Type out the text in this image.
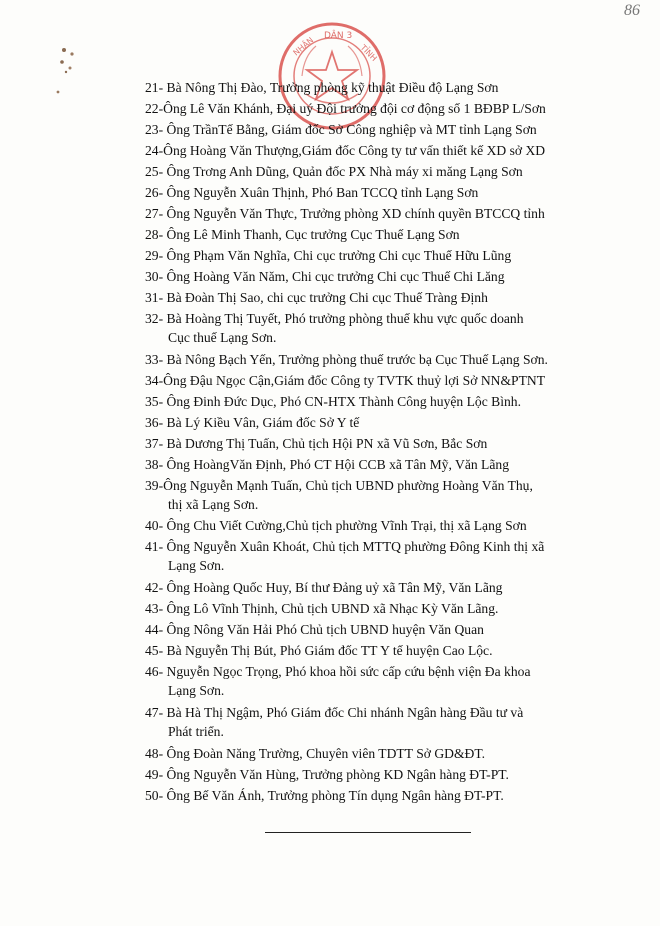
86
NHÂN DÂN 3
TỈNH
21- Bà Nông Thị Đào, Trưởng phòng kỹ thuật Điều độ Lạng Sơn
22-Ông Lê Văn Khánh, Đại uý Đội trưởng đội cơ động số 1 BĐBP L/Sơn
23- Ông TrầnTế Bằng, Giám đốc Sở Công nghiệp và MT tỉnh Lạng Sơn
24-Ông Hoàng Văn Thượng,Giám đốc Công ty tư vấn thiết kế XD sở XD
25- Ông Trơng Anh Dũng, Quản đốc PX Nhà máy xi măng Lạng Sơn
26- Ông Nguyễn Xuân Thịnh, Phó Ban TCCQ tỉnh Lạng Sơn
27- Ông Nguyễn Văn Thực, Trưởng phòng XD chính quyền BTCCQ tỉnh
28- Ông Lê Minh Thanh, Cục trưởng Cục Thuế Lạng Sơn
29- Ông Phạm Văn Nghĩa, Chi cục trưởng Chi cục Thuế Hữu Lũng
30- Ông Hoàng Văn Năm, Chi cục trưởng Chi cục Thuế Chi Lăng
31- Bà Đoàn Thị Sao, chi cục trưởng Chi cục Thuế Tràng Định
32- Bà Hoàng Thị Tuyết, Phó trưởng phòng thuế khu vực quốc doanh
Cục thuế Lạng Sơn.
33- Bà Nông Bạch Yến, Trưởng phòng thuế trước bạ Cục Thuế Lạng Sơn.
34-Ông Đậu Ngọc Cận,Giám đốc Công ty TVTK thuỷ lợi Sở NN&PTNT
35- Ông Đinh Đức Dục, Phó CN-HTX Thành Công huyện Lộc Bình.
36- Bà Lý Kiều Vân, Giám đốc Sở Y tế
37- Bà Dương Thị Tuấn, Chủ tịch Hội PN xã Vũ Sơn, Bắc Sơn
38- Ông HoàngVăn Định, Phó CT Hội CCB xã Tân Mỹ, Văn Lãng
39-Ông Nguyễn Mạnh Tuấn, Chủ tịch UBND phường Hoàng Văn Thụ,
thị xã Lạng Sơn.
40- Ông Chu Viết Cường,Chủ tịch phường Vĩnh Trại, thị xã Lạng Sơn
41- Ông Nguyễn Xuân Khoát, Chủ tịch MTTQ phường Đông Kinh thị xã
Lạng Sơn.
42- Ông Hoàng Quốc Huy, Bí thư Đảng uỷ xã Tân Mỹ, Văn Lãng
43- Ông Lô Vĩnh Thịnh, Chủ tịch UBND xã Nhạc Kỳ Văn Lãng.
44- Ông Nông Văn Hải Phó Chủ tịch UBND huyện Văn Quan
45- Bà Nguyễn Thị Bút, Phó Giám đốc TT Y tế huyện Cao Lộc.
46- Nguyễn Ngọc Trọng, Phó khoa hồi sức cấp cứu bệnh viện Đa khoa
Lạng Sơn.
47- Bà Hà Thị Ngậm, Phó Giám đốc Chi nhánh Ngân hàng Đầu tư và
Phát triển.
48- Ông Đoàn Năng Trường, Chuyên viên TDTT Sở GD&ĐT.
49- Ông Nguyễn Văn Hùng, Trưởng phòng KD Ngân hàng ĐT-PT.
50- Ông Bế Văn Ánh, Trưởng phòng Tín dụng Ngân hàng ĐT-PT.
